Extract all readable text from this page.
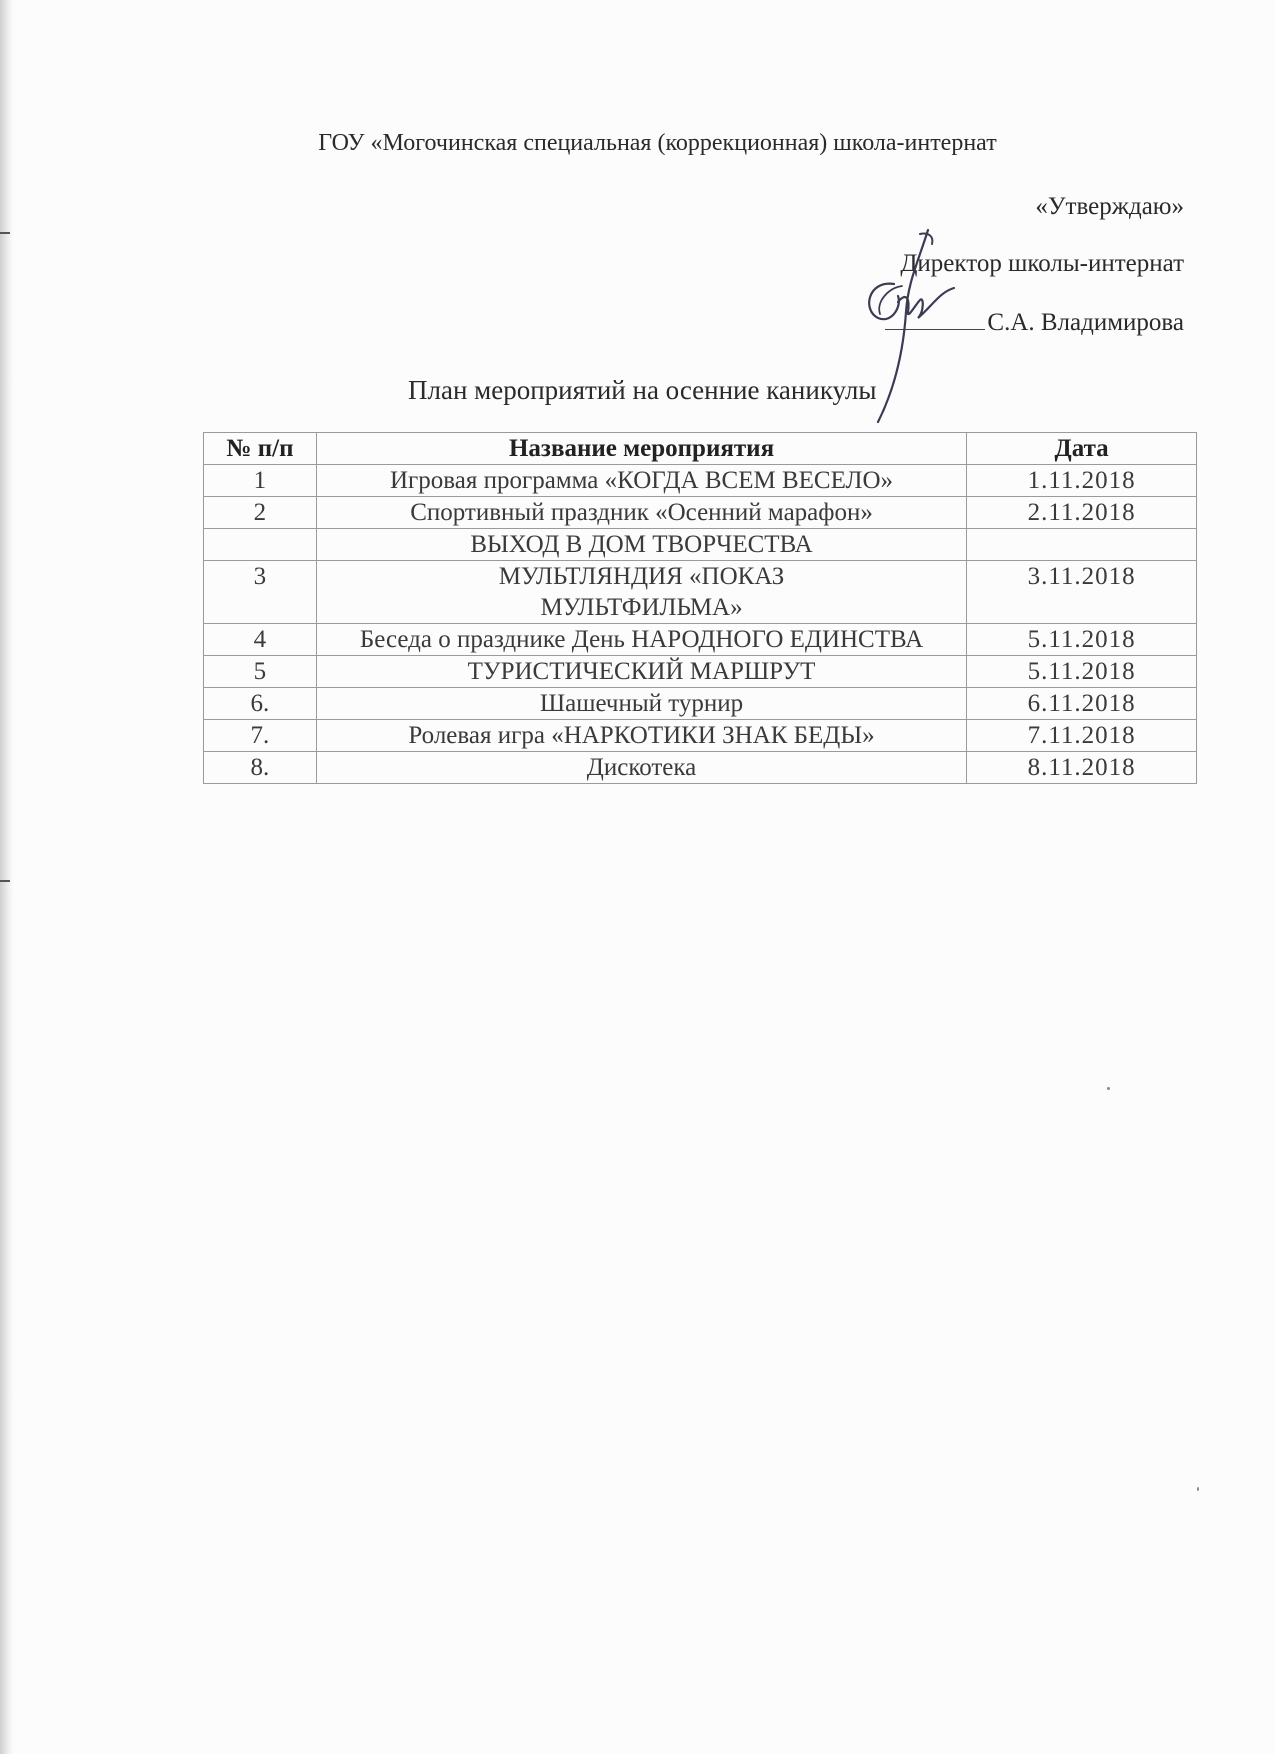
ГОУ «Могочинская специальная (коррекционная) школа-интернат
«Утверждаю»
Директор школы-интернат
С.А. Владимирова
План мероприятий на осенние каникулы
№ п/п	Название мероприятия	Дата
1	Игровая программа «КОГДА ВСЕМ ВЕСЕЛО»	1.11.2018
2	Спортивный праздник «Осенний марафон»	2.11.2018
	ВЫХОД В ДОМ ТВОРЧЕСТВА	
3	МУЛЬТЛЯНДИЯ «ПОКАЗ МУЛЬТФИЛЬМА»	3.11.2018
4	Беседа о празднике День НАРОДНОГО ЕДИНСТВА	5.11.2018
5	ТУРИСТИЧЕСКИЙ МАРШРУТ	5.11.2018
6.	Шашечный турнир	6.11.2018
7.	Ролевая игра «НАРКОТИКИ ЗНАК БЕДЫ»	7.11.2018
8.	Дискотека	8.11.2018
